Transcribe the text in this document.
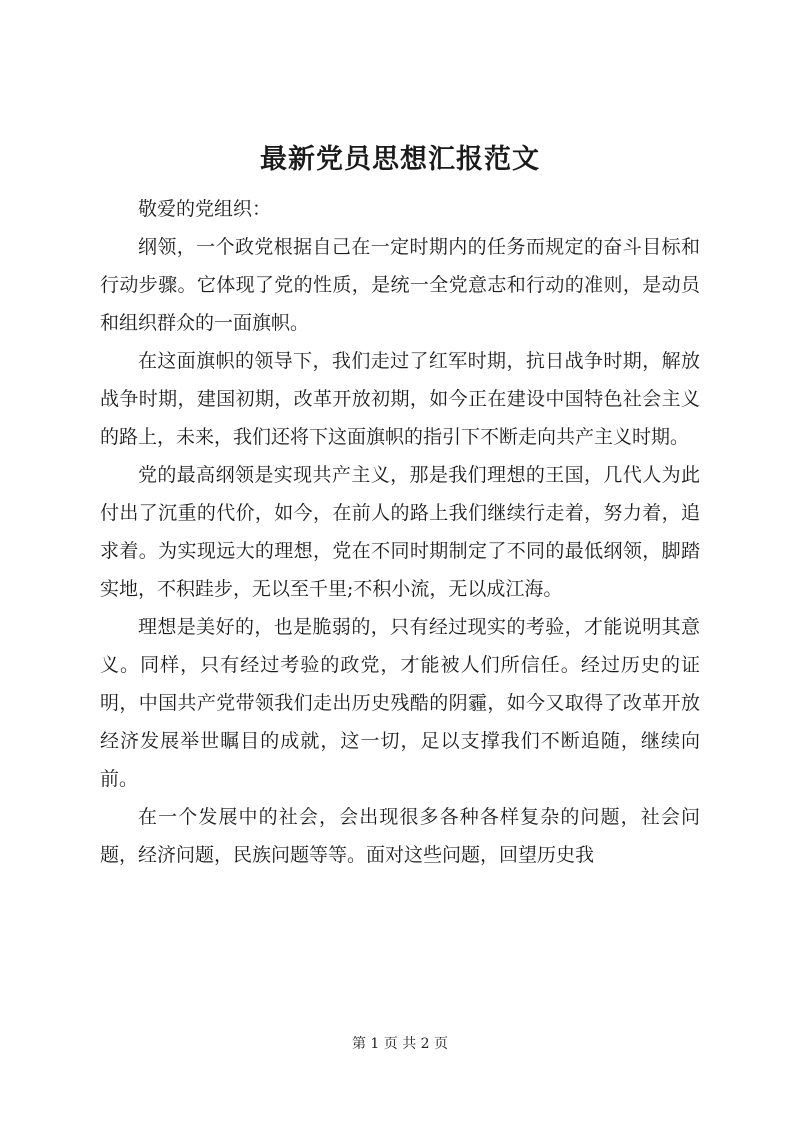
最新党员思想汇报范文

敬爱的党组织：

纲领，一个政党根据自己在一定时期内的任务而规定的奋斗目标和行动步骤。它体现了党的性质，是统一全党意志和行动的准则，是动员和组织群众的一面旗帜。

在这面旗帜的领导下，我们走过了红军时期，抗日战争时期，解放战争时期，建国初期，改革开放初期，如今正在建设中国特色社会主义的路上，未来，我们还将下这面旗帜的指引下不断走向共产主义时期。

党的最高纲领是实现共产主义，那是我们理想的王国，几代人为此付出了沉重的代价，如今，在前人的路上我们继续行走着，努力着，追求着。为实现远大的理想，党在不同时期制定了不同的最低纲领，脚踏实地，不积跬步，无以至千里;不积小流，无以成江海。

理想是美好的，也是脆弱的，只有经过现实的考验，才能说明其意义。同样，只有经过考验的政党，才能被人们所信任。经过历史的证明，中国共产党带领我们走出历史残酷的阴霾，如今又取得了改革开放经济发展举世瞩目的成就，这一切，足以支撑我们不断追随，继续向前。

在一个发展中的社会，会出现很多各种各样复杂的问题，社会问题，经济问题，民族问题等等。面对这些问题，回望历史我

第 1 页 共 2 页
